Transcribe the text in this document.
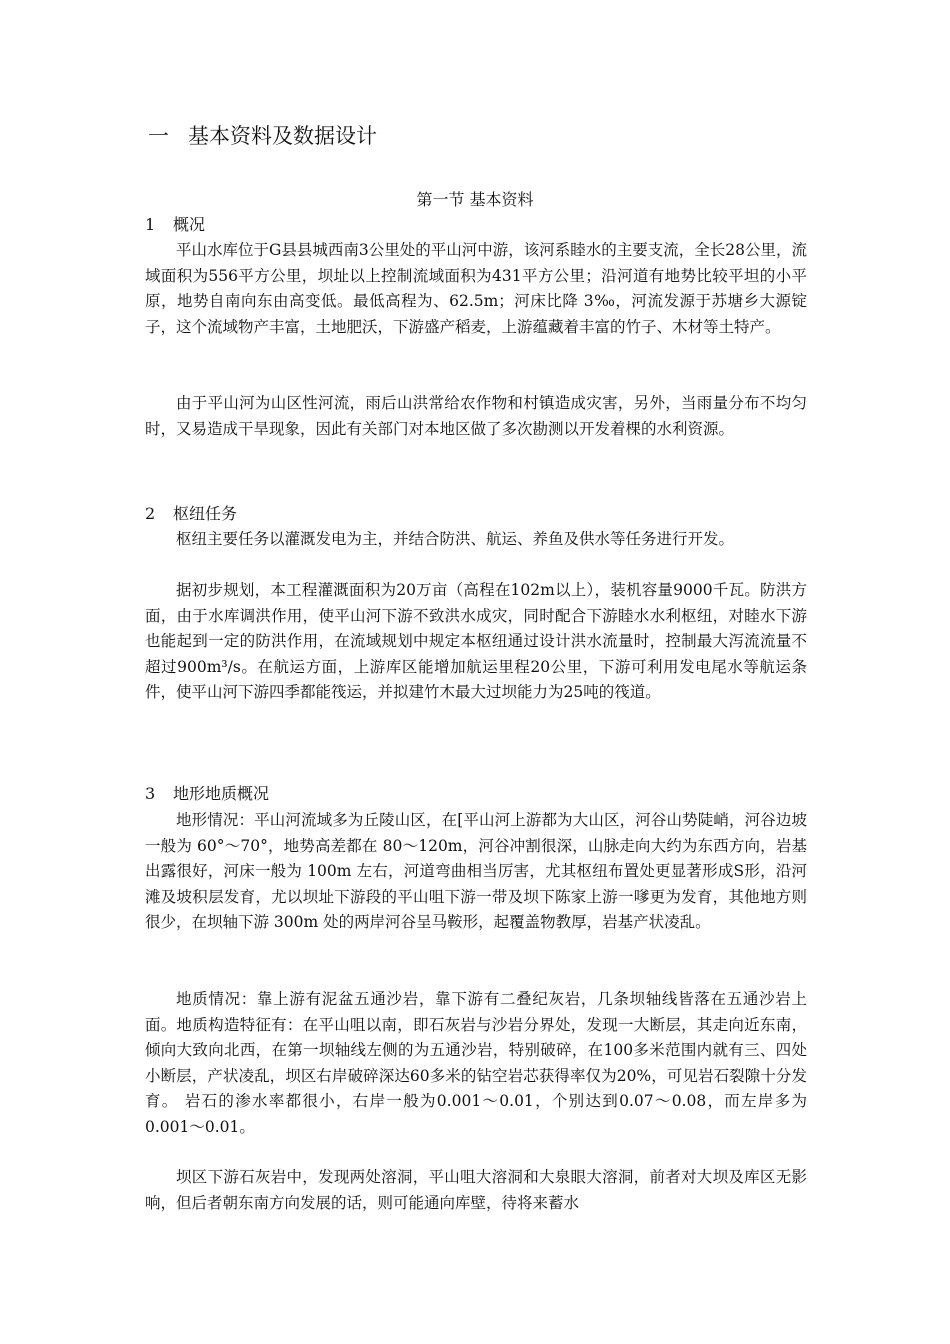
一 基本资料及数据设计
第一节 基本资料
1 概况
平山水库位于G县县城西南3公里处的平山河中游，该河系睦水的主要支流，全长28公里，流域面积为556平方公里，坝址以上控制流域面积为431平方公里；沿河道有地势比较平坦的小平原，地势自南向东由高变低。最低高程为、62.5m；河床比降 3‰，河流发源于苏塘乡大源锭子，这个流域物产丰富，土地肥沃，下游盛产稻麦，上游蕴藏着丰富的竹子、木材等土特产。
由于平山河为山区性河流，雨后山洪常给农作物和村镇造成灾害，另外，当雨量分布不均匀时，又易造成干旱现象，因此有关部门对本地区做了多次勘测以开发着棵的水利资源。
2 枢纽任务
枢纽主要任务以灌溉发电为主，并结合防洪、航运、养鱼及供水等任务进行开发。
据初步规划，本工程灌溉面积为20万亩（高程在102m以上），装机容量9000千瓦。防洪方面，由于水库调洪作用，使平山河下游不致洪水成灾，同时配合下游睦水水利枢纽，对睦水下游也能起到一定的防洪作用，在流域规划中规定本枢纽通过设计洪水流量时，控制最大泻流流量不超过900m³/s。在航运方面，上游库区能增加航运里程20公里，下游可利用发电尾水等航运条件，使平山河下游四季都能筏运，并拟建竹木最大过坝能力为25吨的筏道。
3 地形地质概况
地形情况：平山河流域多为丘陵山区，在[平山河上游都为大山区，河谷山势陡峭，河谷边坡一般为 60°～70°，地势高差都在 80～120m，河谷冲割很深，山脉走向大约为东西方向，岩基出露很好，河床一般为 100m 左右，河道弯曲相当厉害，尤其枢纽布置处更显著形成S形，沿河滩及坡积层发育，尤以坝址下游段的平山咀下游一带及坝下陈家上游一嗲更为发育，其他地方则很少，在坝轴下游 300m 处的两岸河谷呈马鞍形，起覆盖物教厚，岩基产状凌乱。
地质情况：靠上游有泥盆五通沙岩，靠下游有二叠纪灰岩，几条坝轴线皆落在五通沙岩上面。地质构造特征有：在平山咀以南，即石灰岩与沙岩分界处，发现一大断层，其走向近东南，倾向大致向北西，在第一坝轴线左侧的为五通沙岩，特别破碎，在100多米范围内就有三、四处小断层，产状凌乱，坝区右岸破碎深达60多米的钻空岩芯获得率仅为20%，可见岩石裂隙十分发育。 岩石的渗水率都很小，右岸一般为0.001～0.01，个别达到0.07～0.08，而左岸多为0.001～0.01。
坝区下游石灰岩中，发现两处溶洞，平山咀大溶洞和大泉眼大溶洞，前者对大坝及库区无影响，但后者朝东南方向发展的话，则可能通向库壁，待将来蓄水
